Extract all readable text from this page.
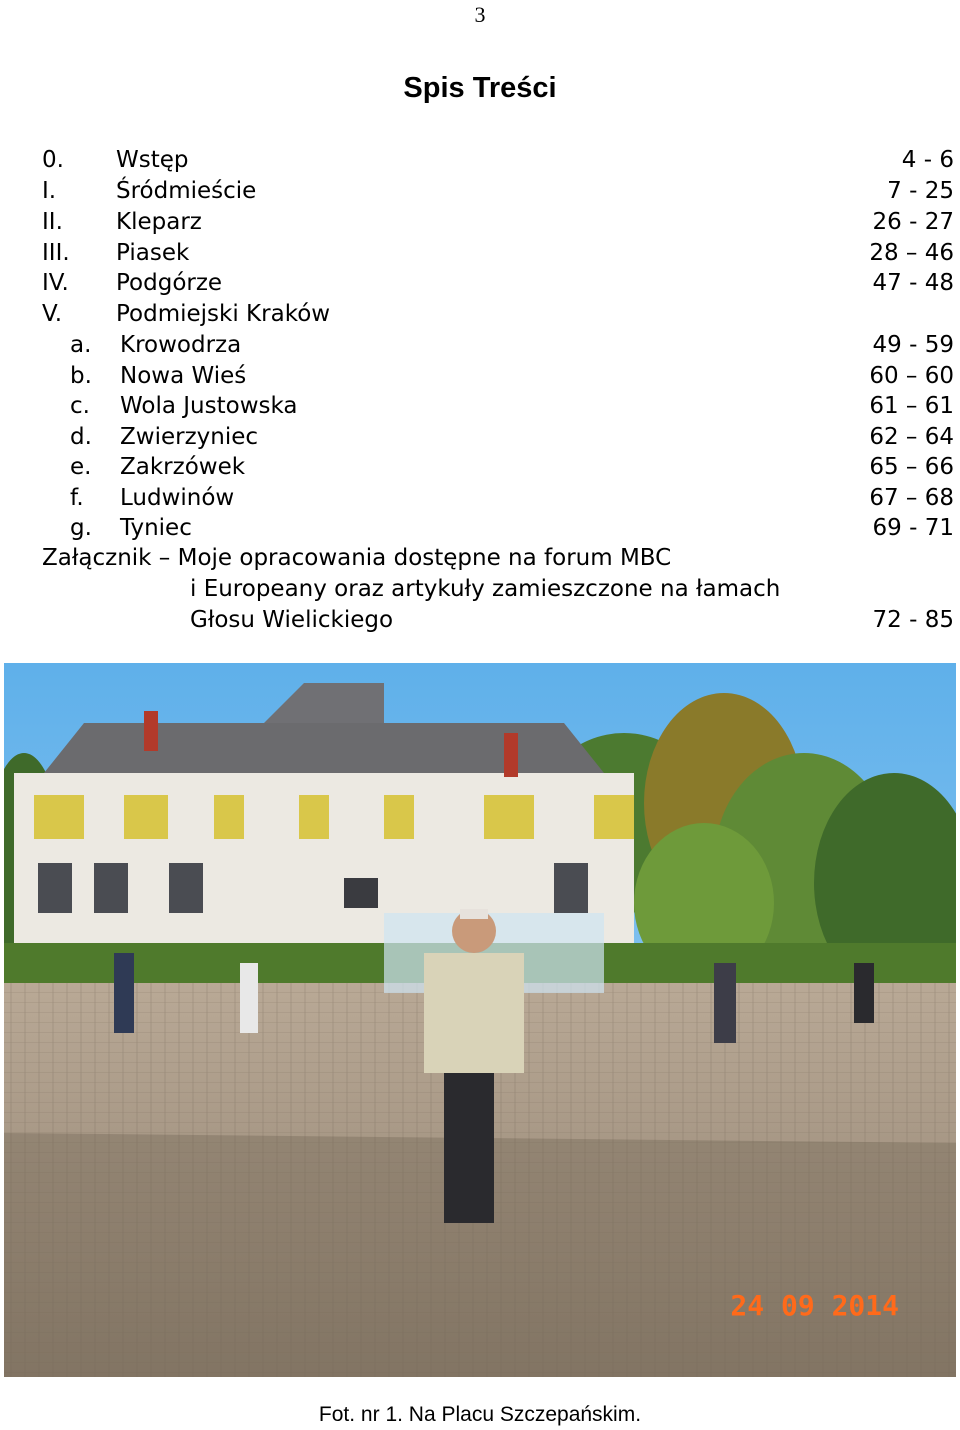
3
Spis Treści
0. Wstęp	4 - 6
I.	Śródmieście	7 - 25
II. Kleparz	26 - 27
III. Piasek	28 – 46
IV. Podgórze	47 - 48
V. Podmiejski Kraków
a. Krowodrza	49 - 59
b. Nowa Wieś	60 – 60
c. Wola Justowska	61 – 61
d. Zwierzyniec	62 – 64
e. Zakrzówek	65 – 66
f. Ludwinów	67 – 68
g. Tyniec	69 - 71
Załącznik – Moje opracowania dostępne na forum MBC
i Europeany oraz artykuły zamieszczone na łamach
Głosu Wielickiego	72 - 85
24 09 2014
Fot. nr 1. Na Placu Szczepańskim.
